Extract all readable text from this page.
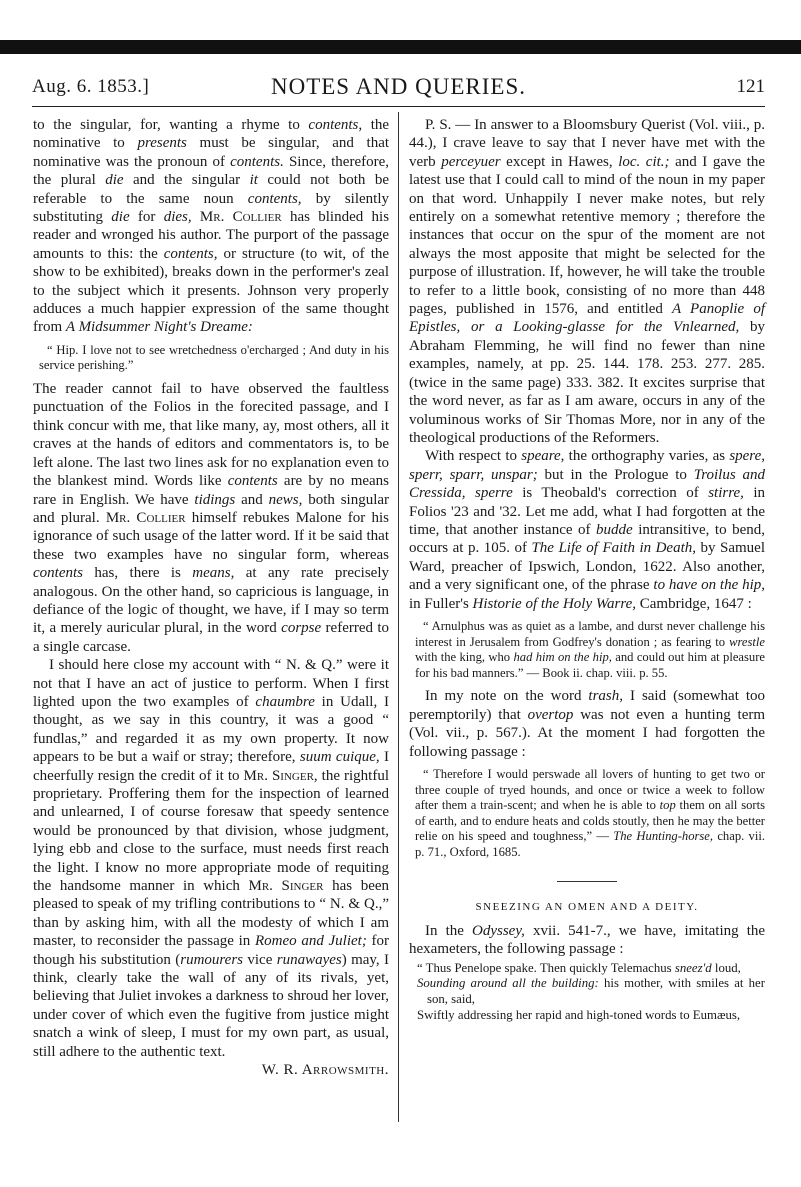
NOTES AND QUERIES.
Aug. 6. 1853.]	121

to the singular, for, wanting a rhyme to contents, the nominative to presents must be singular, and that nominative was the pronoun of contents. Since, therefore, the plural die and the singular it could not both be referable to the same noun contents, by silently substituting die for dies, Mr. Collier has blinded his reader and wronged his author. The purport of the passage amounts to this: the contents, or structure (to wit, of the show to be exhibited), breaks down in the performer's zeal to the subject which it presents. Johnson very properly adduces a much happier expression of the same thought from A Midsummer Night's Dreame:

“ Hip. I love not to see wretchedness o'ercharged ; And duty in his service perishing.”

The reader cannot fail to have observed the faultless punctuation of the Folios in the forecited passage, and I think concur with me, that like many, ay, most others, all it craves at the hands of editors and commentators is, to be left alone. The last two lines ask for no explanation even to the blankest mind. Words like contents are by no means rare in English. We have tidings and news, both singular and plural. Mr. Collier himself rebukes Malone for his ignorance of such usage of the latter word. If it be said that these two examples have no singular form, whereas contents has, there is means, at any rate precisely analogous. On the other hand, so capricious is language, in defiance of the logic of thought, we have, if I may so term it, a merely auricular plural, in the word corpse referred to a single carcase.

I should here close my account with “ N. & Q.” were it not that I have an act of justice to perform. When I first lighted upon the two examples of chaumbre in Udall, I thought, as we say in this country, it was a good “ fundlas,” and regarded it as my own property. It now appears to be but a waif or stray; therefore, suum cuique, I cheerfully resign the credit of it to Mr. Singer, the rightful proprietary. Proffering them for the inspection of learned and unlearned, I of course foresaw that speedy sentence would be pronounced by that division, whose judgment, lying ebb and close to the surface, must needs first reach the light. I know no more appropriate mode of requiting the handsome manner in which Mr. Singer has been pleased to speak of my trifling contributions to “ N. & Q.,” than by asking him, with all the modesty of which I am master, to reconsider the passage in Romeo and Juliet; for though his substitution (rumourers vice runawayes) may, I think, clearly take the wall of any of its rivals, yet, believing that Juliet invokes a darkness to shroud her lover, under cover of which even the fugitive from justice might snatch a wink of sleep, I must for my own part, as usual, still adhere to the authentic text.

W. R. Arrowsmith.

P. S. — In answer to a Bloomsbury Querist (Vol. viii., p. 44.), I crave leave to say that I never have met with the verb perceyuer except in Hawes, loc. cit.; and I gave the latest use that I could call to mind of the noun in my paper on that word. Unhappily I never make notes, but rely entirely on a somewhat retentive memory ; therefore the instances that occur on the spur of the moment are not always the most apposite that might be selected for the purpose of illustration. If, however, he will take the trouble to refer to a little book, consisting of no more than 448 pages, published in 1576, and entitled A Panoplie of Epistles, or a Looking-glasse for the Vnlearned, by Abraham Flemming, he will find no fewer than nine examples, namely, at pp. 25. 144. 178. 253. 277. 285. (twice in the same page) 333. 382. It excites surprise that the word never, as far as I am aware, occurs in any of the voluminous works of Sir Thomas More, nor in any of the theological productions of the Reformers.

With respect to speare, the orthography varies, as spere, sperr, sparr, unspar; but in the Prologue to Troilus and Cressida, sperre is Theobald's correction of stirre, in Folios '23 and '32. Let me add, what I had forgotten at the time, that another instance of budde intransitive, to bend, occurs at p. 105. of The Life of Faith in Death, by Samuel Ward, preacher of Ipswich, London, 1622. Also another, and a very significant one, of the phrase to have on the hip, in Fuller's Historie of the Holy Warre, Cambridge, 1647 :

“ Arnulphus was as quiet as a lambe, and durst never challenge his interest in Jerusalem from Godfrey's donation ; as fearing to wrestle with the king, who had him on the hip, and could out him at pleasure for his bad manners.” — Book ii. chap. viii. p. 55.

In my note on the word trash, I said (somewhat too peremptorily) that overtop was not even a hunting term (Vol. vii., p. 567.). At the moment I had forgotten the following passage :

“ Therefore I would perswade all lovers of hunting to get two or three couple of tryed hounds, and once or twice a week to follow after them a train-scent; and when he is able to top them on all sorts of earth, and to endure heats and colds stoutly, then he may the better relie on his speed and toughness,” — The Hunting-horse, chap. vii. p. 71., Oxford, 1685.

SNEEZING AN OMEN AND A DEITY.

In the Odyssey, xvii. 541-7., we have, imitating the hexameters, the following passage :

“ Thus Penelope spake. Then quickly Telemachus sneez'd loud,
Sounding around all the building: his mother, with smiles at her son, said,
Swiftly addressing her rapid and high-toned words to Eumæus,
